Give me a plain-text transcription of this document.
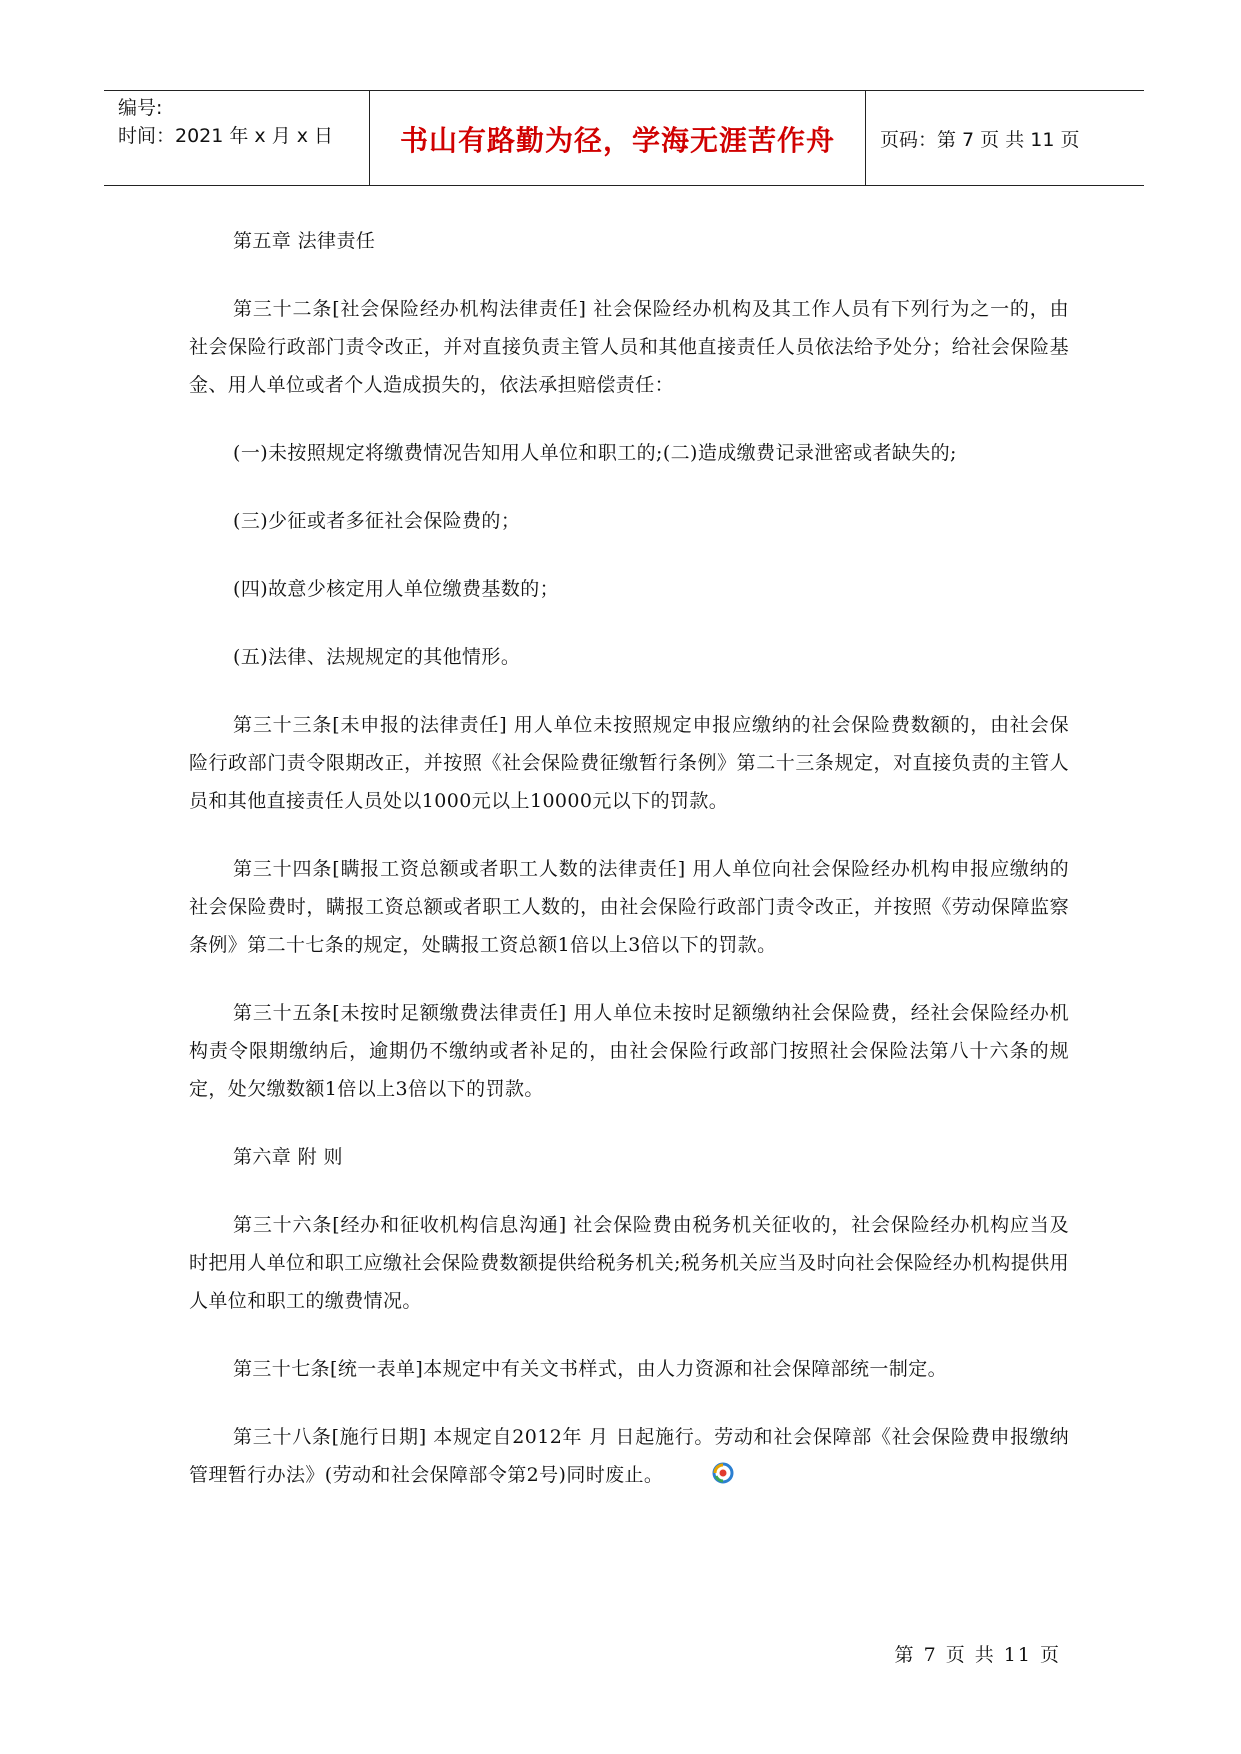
编号:
时间：2021 年 x 月 x 日	书山有路勤为径，学海无涯苦作舟	页码：第 7 页 共 11 页

第五章 法律责任

第三十二条[社会保险经办机构法律责任] 社会保险经办机构及其工作人员有下列行为之一的，由社会保险行政部门责令改正，并对直接负责主管人员和其他直接责任人员依法给予处分；给社会保险基金、用人单位或者个人造成损失的，依法承担赔偿责任：

(一)未按照规定将缴费情况告知用人单位和职工的;(二)造成缴费记录泄密或者缺失的;

(三)少征或者多征社会保险费的；

(四)故意少核定用人单位缴费基数的；

(五)法律、法规规定的其他情形。

第三十三条[未申报的法律责任] 用人单位未按照规定申报应缴纳的社会保险费数额的，由社会保险行政部门责令限期改正，并按照《社会保险费征缴暂行条例》第二十三条规定，对直接负责的主管人员和其他直接责任人员处以1000元以上10000元以下的罚款。

第三十四条[瞒报工资总额或者职工人数的法律责任] 用人单位向社会保险经办机构申报应缴纳的社会保险费时，瞒报工资总额或者职工人数的，由社会保险行政部门责令改正，并按照《劳动保障监察条例》第二十七条的规定，处瞒报工资总额1倍以上3倍以下的罚款。

第三十五条[未按时足额缴费法律责任] 用人单位未按时足额缴纳社会保险费，经社会保险经办机构责令限期缴纳后，逾期仍不缴纳或者补足的，由社会保险行政部门按照社会保险法第八十六条的规定，处欠缴数额1倍以上3倍以下的罚款。

第六章 附 则

第三十六条[经办和征收机构信息沟通] 社会保险费由税务机关征收的，社会保险经办机构应当及时把用人单位和职工应缴社会保险费数额提供给税务机关;税务机关应当及时向社会保险经办机构提供用人单位和职工的缴费情况。

第三十七条[统一表单]本规定中有关文书样式，由人力资源和社会保障部统一制定。

第三十八条[施行日期] 本规定自2012年 月 日起施行。劳动和社会保障部《社会保险费申报缴纳管理暂行办法》(劳动和社会保障部令第2号)同时废止。

第 7 页 共 11 页
